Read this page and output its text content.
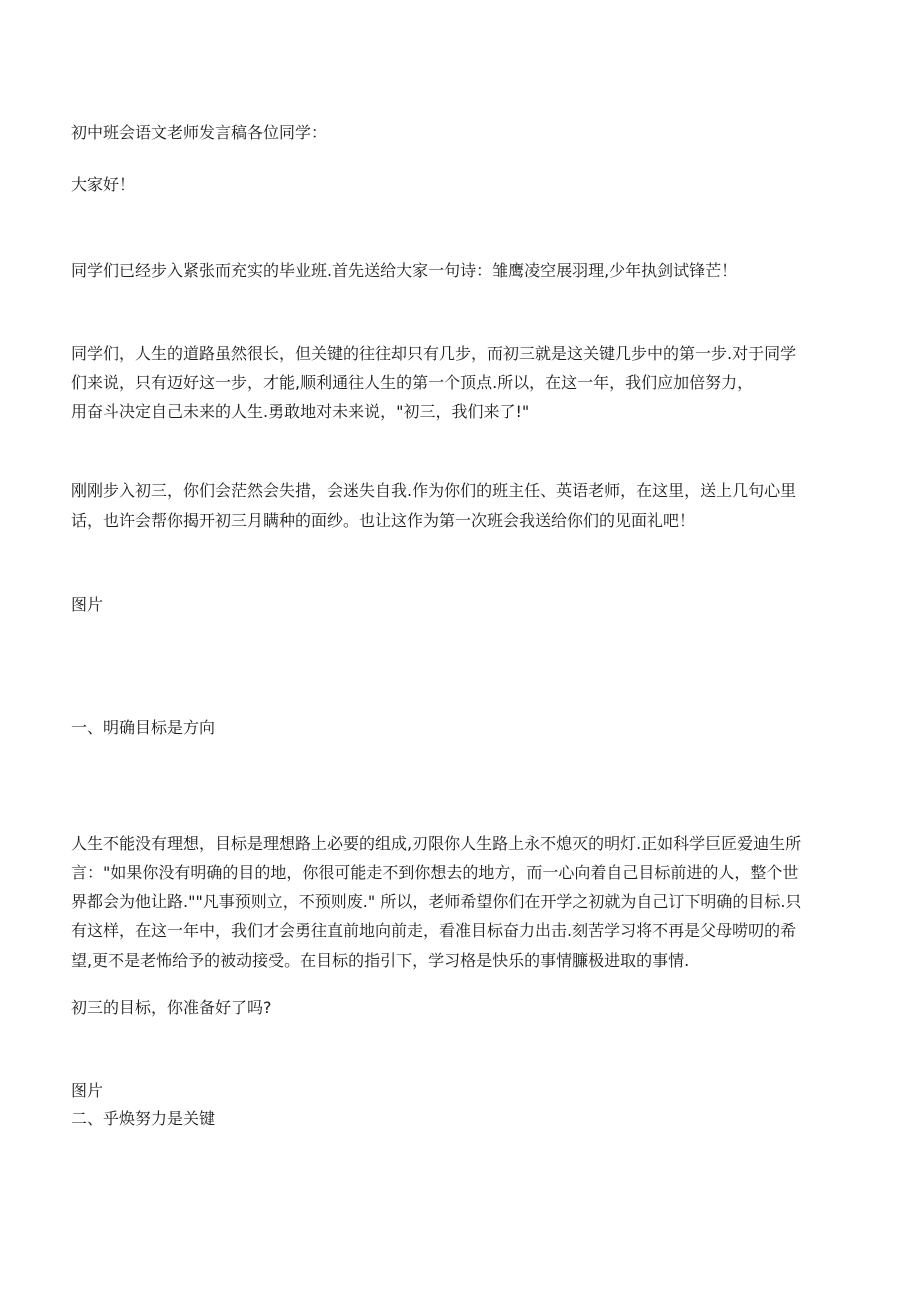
初中班会语文老师发言稿各位同学：
大家好！
同学们已经步入紧张而充实的毕业班.首先送给大家一句诗：雏鹰凌空展羽理,少年执剑试锋芒！
同学们，人生的道路虽然很长，但关键的往往却只有几步，而初三就是这关键几步中的第一步.对于同学
们来说，只有迈好这一步，才能,顺利通往人生的第一个顶点.所以，在这一年，我们应加倍努力，
用奋斗决定自己未来的人生.勇敢地对未来说，"初三，我们来了!"
刚刚步入初三，你们会茫然会失措，会迷失自我.作为你们的班主任、英语老师，在这里，送上几句心里
话，也许会帮你揭开初三月瞒种的面纱。也让这作为第一次班会我送给你们的见面礼吧！
图片
一、明确目标是方向
人生不能没有理想，目标是理想路上必要的组成,刃限你人生路上永不熄灭的明灯.正如科学巨匠爱迪生所
言："如果你没有明确的目的地，你很可能走不到你想去的地方，而一心向着自己目标前进的人，整个世
界都会为他让路.""凡事预则立，不预则废." 所以，老师希望你们在开学之初就为自己订下明确的目标.只
有这样，在这一年中，我们才会勇往直前地向前走，看准目标奋力出击.刻苦学习将不再是父母唠叨的希
望,更不是老怖给予的被动接受。在目标的指引下，学习格是快乐的事情臁极进取的事情.
初三的目标，你准备好了吗?
图片
二、乎焕努力是关键
